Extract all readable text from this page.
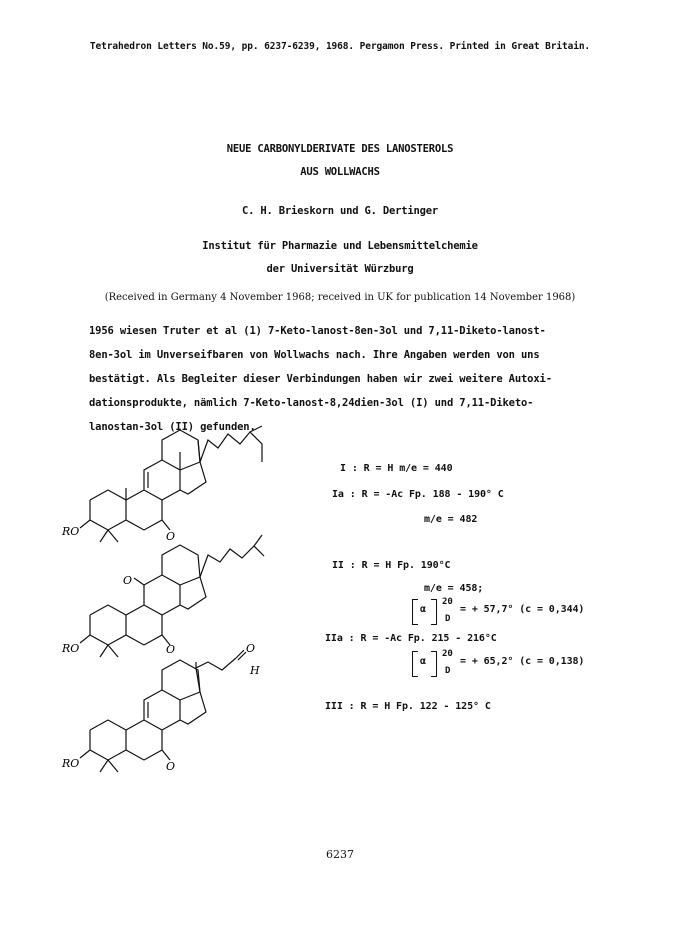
Tetrahedron Letters No.59, pp. 6237-6239, 1968. Pergamon Press. Printed in Great Britain.
NEUE CARBONYLDERIVATE DES LANOSTEROLS
AUS WOLLWACHS
C. H. Brieskorn und G. Dertinger
Institut für Pharmazie und Lebensmittelchemie
der Universität Würzburg
(Received in Germany 4 November 1968; received in UK for publication 14 November 1968)
1956 wiesen Truter et al (1) 7-Keto-lanost-8en-3ol und 7,11-Diketo-lanost-
8en-3ol im Unverseifbaren von Wollwachs nach. Ihre Angaben werden von uns
bestätigt. Als Begleiter dieser Verbindungen haben wir zwei weitere Autoxi-
dationsprodukte, nämlich 7-Keto-lanost-8,24dien-3ol (I) und 7,11-Diketo-
lanostan-3ol (II) gefunden.
I : R = H m/e = 440
Ia : R = -Ac Fp. 188 - 190° C
m/e = 482
II : R = H Fp. 190°C
m/e = 458;
α
20
D
= + 57,7° (c = 0,344)
IIa : R = -Ac Fp. 215 - 216°C
α
20
D
= + 65,2° (c = 0,138)
III : R = H Fp. 122 - 125° C
RO	O
RO
O
O
RO	O
O
H
6237
